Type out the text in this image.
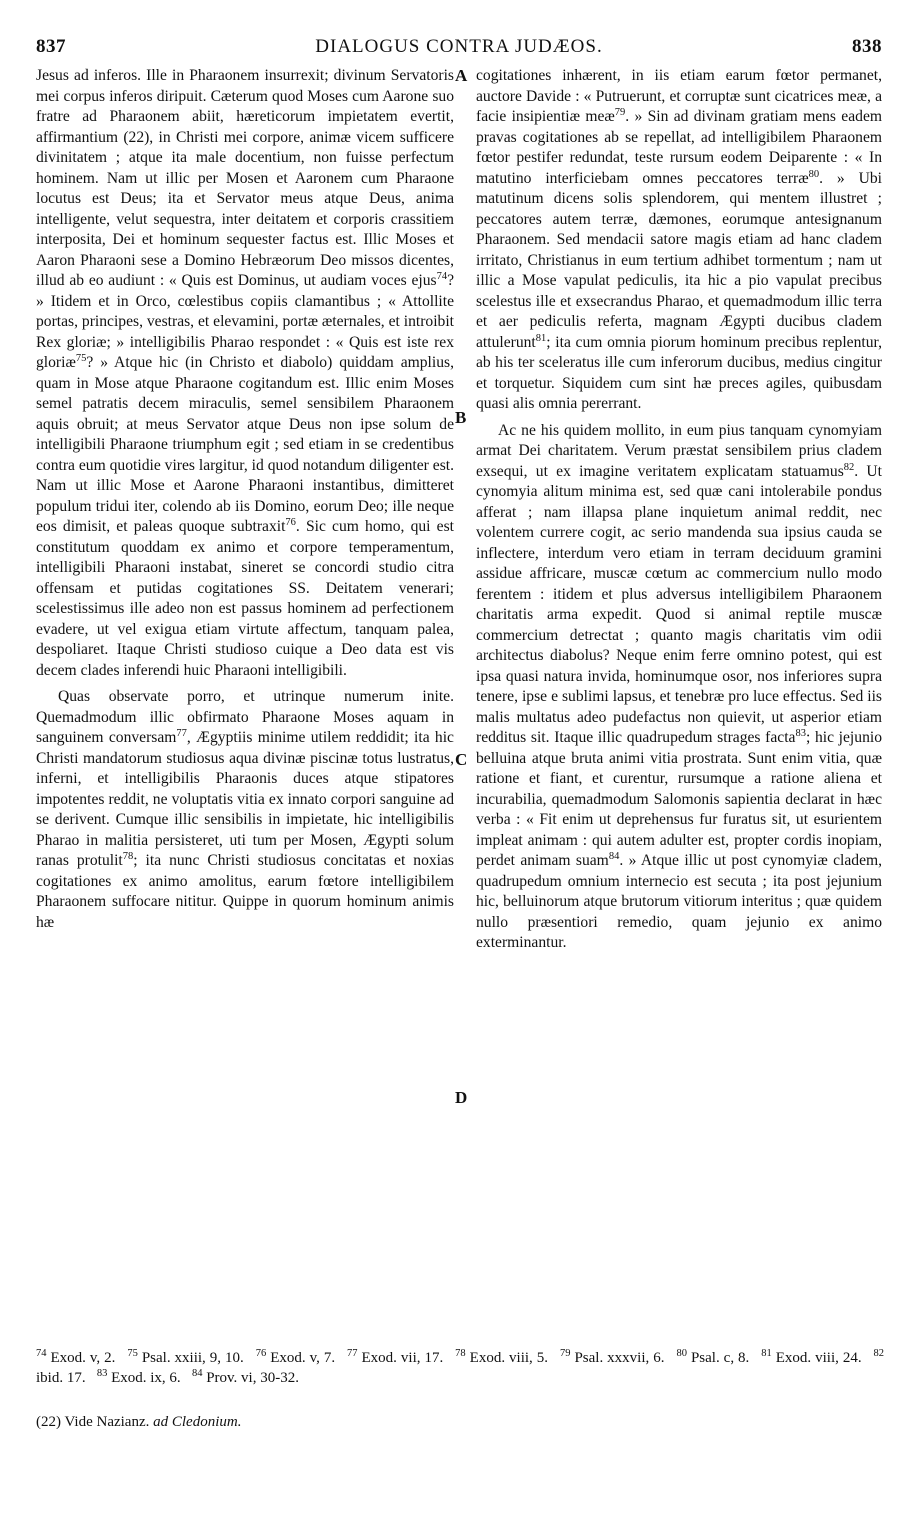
837	DIALOGUS CONTRA JUDÆOS.	838
A
B
C
D

Jesus ad inferos. Ille in Pharaonem insurrexit; divinum Servatoris mei corpus inferos diripuit. Cæterum quod Moses cum Aarone suo fratre ad Pharaonem abiit, hæreticorum impietatem evertit, affirmantium (22), in Christi mei corpore, animæ vicem sufficere divinitatem ; atque ita male docentium, non fuisse perfectum hominem. Nam ut illic per Mosen et Aaronem cum Pharaone locutus est Deus; ita et Servator meus atque Deus, anima intelligente, velut sequestra, inter deitatem et corporis crassitiem interposita, Dei et hominum sequester factus est. Illic Moses et Aaron Pharaoni sese a Domino Hebræorum Deo missos dicentes, illud ab eo audiunt : « Quis est Dominus, ut audiam voces ejus$^{74}$? » Itidem et in Orco, cœlestibus copiis clamantibus ; « Attollite portas, principes, vestras, et elevamini, portæ æternales, et introibit Rex gloriæ; » intelligibilis Pharao respondet : « Quis est iste rex gloriæ$^{75}$? » Atque hic (in Christo et diabolo) quiddam amplius, quam in Mose atque Pharaone cogitandum est. Illic enim Moses semel patratis decem miraculis, semel sensibilem Pharaonem aquis obruit; at meus Servator atque Deus non ipse solum de intelligibili Pharaone triumphum egit ; sed etiam in se credentibus contra eum quotidie vires largitur, id quod notandum diligenter est. Nam ut illic Mose et Aarone Pharaoni instantibus, dimitteret populum tridui iter, colendo ab iis Domino, eorum Deo; ille neque eos dimisit, et paleas quoque subtraxit$^{76}$. Sic cum homo, qui est constitutum quoddam ex animo et corpore temperamentum, intelligibili Pharaoni instabat, sineret se concordi studio citra offensam et putidas cogitationes SS. Deitatem venerari; scelestissimus ille adeo non est passus hominem ad perfectionem evadere, ut vel exigua etiam virtute affectum, tanquam palea, despoliaret. Itaque Christi studioso cuique a Deo data est vis decem clades inferendi huic Pharaoni intelligibili.

Quas observate porro, et utrinque numerum inite. Quemadmodum illic obfirmato Pharaone Moses aquam in sanguinem conversam$^{77}$, Ægyptiis minime utilem reddidit; ita hic Christi mandatorum studiosus aqua divinæ piscinæ totus lustratus, inferni, et intelligibilis Pharaonis duces atque stipatores impotentes reddit, ne voluptatis vitia ex innato corpori sanguine ad se derivent. Cumque illic sensibilis in impietate, hic intelligibilis Pharao in malitia persisteret, uti tum per Mosen, Ægypti solum ranas protulit$^{78}$; ita nunc Christi studiosus concitatas et noxias cogitationes ex animo amolitus, earum fœtore intelligibilem Pharaonem suffocare nititur. Quippe in quorum hominum animis hæ

cogitationes inhærent, in iis etiam earum fœtor permanet, auctore Davide : « Putruerunt, et corruptæ sunt cicatrices meæ, a facie insipientiæ meæ$^{79}$. » Sin ad divinam gratiam mens eadem pravas cogitationes ab se repellat, ad intelligibilem Pharaonem fœtor pestifer redundat, teste rursum eodem Deiparente : « In matutino interficiebam omnes peccatores terræ$^{80}$. » Ubi matutinum dicens solis splendorem, qui mentem illustret ; peccatores autem terræ, dæmones, eorumque antesignanum Pharaonem. Sed mendacii satore magis etiam ad hanc cladem irritato, Christianus in eum tertium adhibet tormentum ; nam ut illic a Mose vapulat pediculis, ita hic a pio vapulat precibus scelestus ille et exsecrandus Pharao, et quemadmodum illic terra et aer pediculis referta, magnam Ægypti ducibus cladem attulerunt$^{81}$; ita cum omnia piorum hominum precibus replentur, ab his ter sceleratus ille cum inferorum ducibus, medius cingitur et torquetur. Siquidem cum sint hæ preces agiles, quibusdam quasi alis omnia pererrant.

Ac ne his quidem mollito, in eum pius tanquam cynomyiam armat Dei charitatem. Verum præstat sensibilem prius cladem exsequi, ut ex imagine veritatem explicatam statuamus$^{82}$. Ut cynomyia alitum minima est, sed quæ cani intolerabile pondus afferat ; nam illapsa plane inquietum animal reddit, nec volentem currere cogit, ac serio mandenda sua ipsius cauda se inflectere, interdum vero etiam in terram deciduum gramini assidue affricare, muscæ cœtum ac commercium nullo modo ferentem : itidem et plus adversus intelligibilem Pharaonem charitatis arma expedit. Quod si animal reptile muscæ commercium detrectat ; quanto magis charitatis vim odii architectus diabolus? Neque enim ferre omnino potest, qui est ipsa quasi natura invida, hominumque osor, nos inferiores supra tenere, ipse e sublimi lapsus, et tenebræ pro luce effectus. Sed iis malis multatus adeo pudefactus non quievit, ut asperior etiam redditus sit. Itaque illic quadrupedum strages facta$^{83}$; hic jejunio belluina atque bruta animi vitia prostrata. Sunt enim vitia, quæ ratione et fiant, et curentur, rursumque a ratione aliena et incurabilia, quemadmodum Salomonis sapientia declarat in hæc verba : « Fit enim ut deprehensus fur furatus sit, ut esurientem impleat animam : qui autem adulter est, propter cordis inopiam, perdet animam suam$^{84}$. » Atque illic ut post cynomyiæ cladem, quadrupedum omnium internecio est secuta ; ita post jejunium hic, belluinorum atque brutorum vitiorum interitus ; quæ quidem nullo præsentiori remedio, quam jejunio ex animo exterminantur.

$^{74}$ Exod. v, 2. $^{75}$ Psal. xxiii, 9, 10. $^{76}$ Exod. v, 7. $^{77}$ Exod. vii, 17. $^{78}$ Exod. viii, 5. $^{79}$ Psal. xxxvii, 6. $^{80}$ Psal. c, 8. $^{81}$ Exod. viii, 24. $^{82}$ ibid. 17. $^{83}$ Exod. ix, 6. $^{84}$ Prov. vi, 30-32.
(22) Vide Nazianz. ad Cledonium.
